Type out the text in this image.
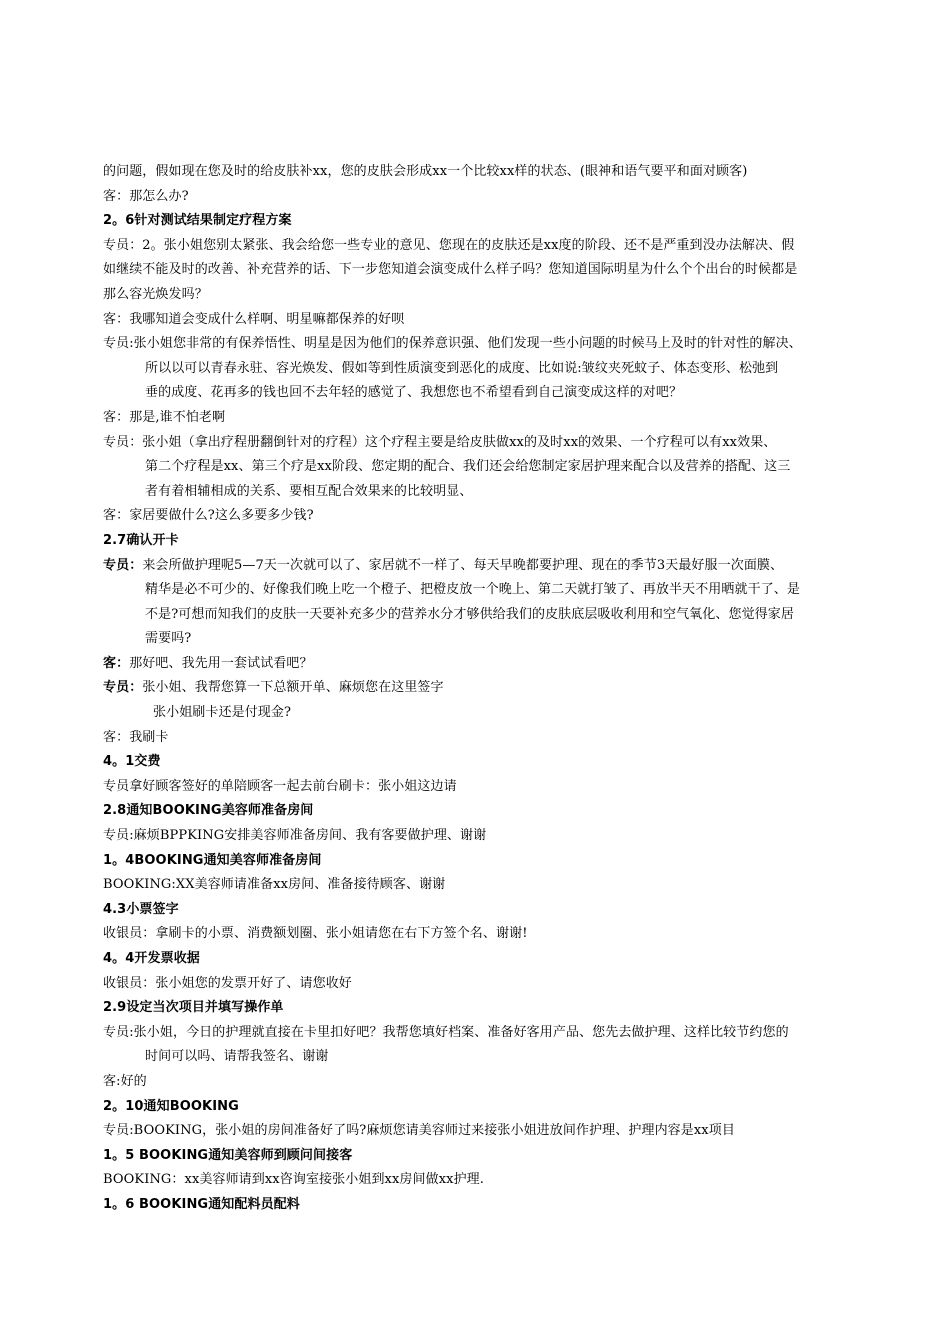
的问题，假如现在您及时的给皮肤补xx，您的皮肤会形成xx一个比较xx样的状态、(眼神和语气要平和面对顾客)
客：那怎么办?
2。6针对测试结果制定疗程方案
专员：2。张小姐您别太紧张、我会给您一些专业的意见、您现在的皮肤还是xx度的阶段、还不是严重到没办法解决、假
如继续不能及时的改善、补充营养的话、下一步您知道会演变成什么样子吗？您知道国际明星为什么个个出台的时候都是
那么容光焕发吗？
客：我哪知道会变成什么样啊、明星嘛都保养的好呗
专员:张小姐您非常的有保养悟性、明星是因为他们的保养意识强、他们发现一些小问题的时候马上及时的针对性的解决、
所以以可以青春永驻、容光焕发、假如等到性质演变到恶化的成度、比如说:皱纹夹死蚊子、体态变形、松弛到
垂的成度、花再多的钱也回不去年轻的感觉了、我想您也不希望看到自己演变成这样的对吧？
客：那是,谁不怕老啊
专员：张小姐（拿出疗程册翻倒针对的疗程）这个疗程主要是给皮肤做xx的及时xx的效果、一个疗程可以有xx效果、
第二个疗程是xx、第三个疗是xx阶段、您定期的配合、我们还会给您制定家居护理来配合以及营养的搭配、这三
者有着相辅相成的关系、要相互配合效果来的比较明显、
客：家居要做什么?这么多要多少钱?
2.7确认开卡
专员：来会所做护理呢5—7天一次就可以了、家居就不一样了、每天早晚都要护理、现在的季节3天最好服一次面膜、
精华是必不可少的、好像我们晚上吃一个橙子、把橙皮放一个晚上、第二天就打皱了、再放半天不用晒就干了、是
不是?可想而知我们的皮肤一天要补充多少的营养水分才够供给我们的皮肤底层吸收利用和空气氧化、您觉得家居
需要吗?
客：那好吧、我先用一套试试看吧？
专员：张小姐、我帮您算一下总额开单、麻烦您在这里签字
张小姐刷卡还是付现金?
客：我刷卡
4。1交费
专员拿好顾客签好的单陪顾客一起去前台刷卡：张小姐这边请
2.8通知BOOKING美容师准备房间
专员:麻烦BPPKING安排美容师准备房间、我有客要做护理、谢谢
1。4BOOKING通知美容师准备房间
BOOKING:XX美容师请准备xx房间、准备接待顾客、谢谢
4.3小票签字
收银员：拿刷卡的小票、消费额划圈、张小姐请您在右下方签个名、谢谢!
4。4开发票收据
收银员：张小姐您的发票开好了、请您收好
2.9设定当次项目并填写操作单
专员:张小姐，今日的护理就直接在卡里扣好吧？我帮您填好档案、准备好客用产品、您先去做护理、这样比较节约您的
时间可以吗、请帮我签名、谢谢
客:好的
2。10通知BOOKING
专员:BOOKING，张小姐的房间准备好了吗?麻烦您请美容师过来接张小姐进放间作护理、护理内容是xx项目
1。5 BOOKING通知美容师到顾问间接客
BOOKING：xx美容师请到xx咨询室接张小姐到xx房间做xx护理.
1。6 BOOKING通知配料员配料
